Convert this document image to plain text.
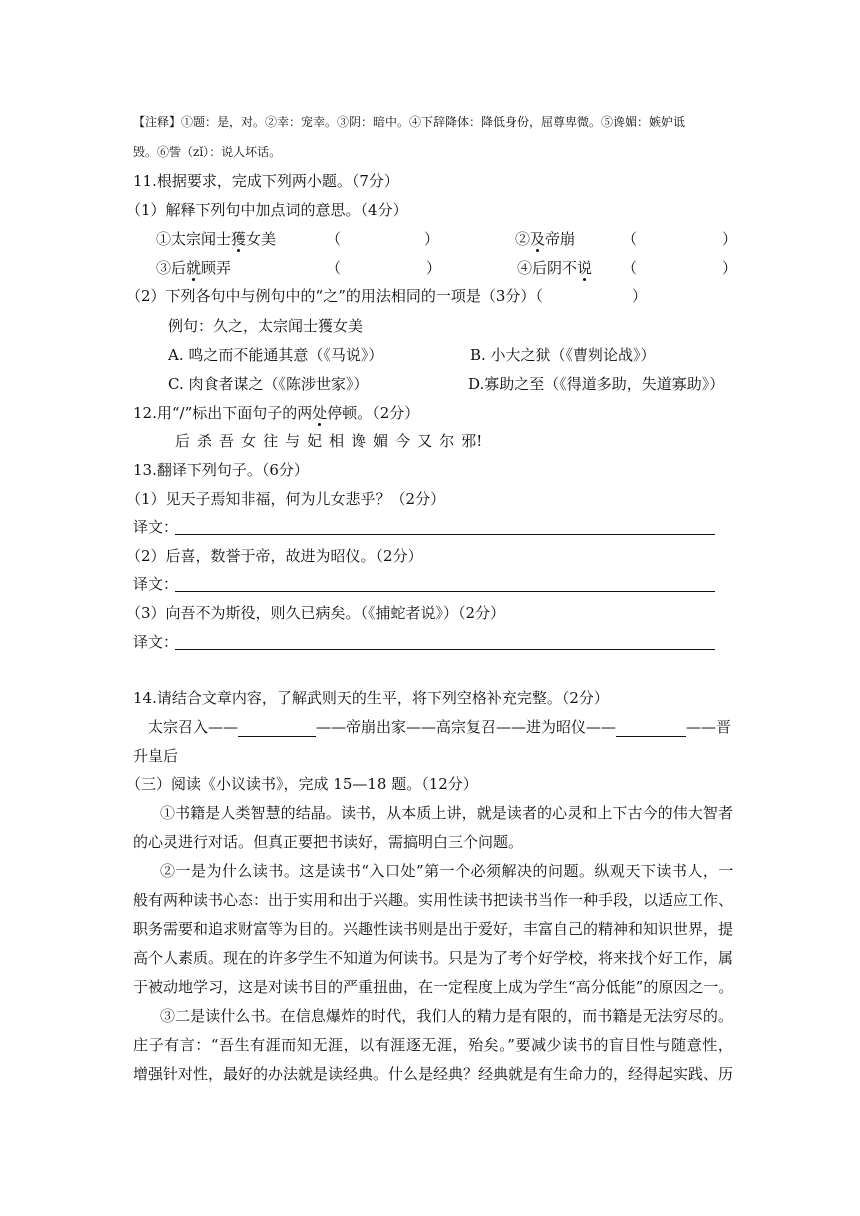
【注释】①题：是，对。②幸：宠幸。③阴：暗中。④下辞降体：降低身份，屈尊卑微。⑤谗媚：嫉妒诋
毁。⑥訾（zǐ）：说人坏话。
11.根据要求，完成下列两小题。（7分）
（1）解释下列句中加点词的意思。（4分）
①太宗闻士獲女美	（	）	②及帝崩	（	）
③后就顾弄	（	）	④后阴不说 （	）
（2）下列各句中与例句中的“之”的用法相同的一项是（3分）（	）
例句：久之，太宗闻士獲女美
A. 鸣之而不能通其意（《马说》）	B. 小大之狱（《曹刿论战》）
C. 肉食者谋之（《陈涉世家》）	D.寡助之至（《得道多助，失道寡助》）
12.用“/”标出下面句子的两处停顿。（2分）
后 杀 吾 女 往 与 妃 相 谗 媚 今 又 尔 邪!
13.翻译下列句子。（6分）
（1）见天子焉知非福，何为儿女悲乎？（2分）
译文：
（2）后喜，数誉于帝，故进为昭仪。（2分）
译文：
（3）向吾不为斯役，则久已病矣。（《捕蛇者说》）（2分）
译文：
14.请结合文章内容，了解武则天的生平，将下列空格补充完整。（2分）
太宗召入——	——帝崩出家——高宗复召——进为昭仪——	——晋
升皇后
（三）阅读《小议读书》，完成 15—18 题。（12分）
①书籍是人类智慧的结晶。读书，从本质上讲，就是读者的心灵和上下古今的伟大智者
的心灵进行对话。但真正要把书读好，需搞明白三个问题。
②一是为什么读书。这是读书“入口处”第一个必须解决的问题。纵观天下读书人，一
般有两种读书心态：出于实用和出于兴趣。实用性读书把读书当作一种手段，以适应工作、
职务需要和追求财富等为目的。兴趣性读书则是出于爱好，丰富自己的精神和知识世界，提
高个人素质。现在的许多学生不知道为何读书。只是为了考个好学校，将来找个好工作，属
于被动地学习，这是对读书目的严重扭曲，在一定程度上成为学生“高分低能”的原因之一。
③二是读什么书。在信息爆炸的时代，我们人的精力是有限的，而书籍是无法穷尽的。
庄子有言：“吾生有涯而知无涯，以有涯逐无涯，殆矣。”要减少读书的盲目性与随意性，
增强针对性，最好的办法就是读经典。什么是经典？经典就是有生命力的，经得起实践、历
